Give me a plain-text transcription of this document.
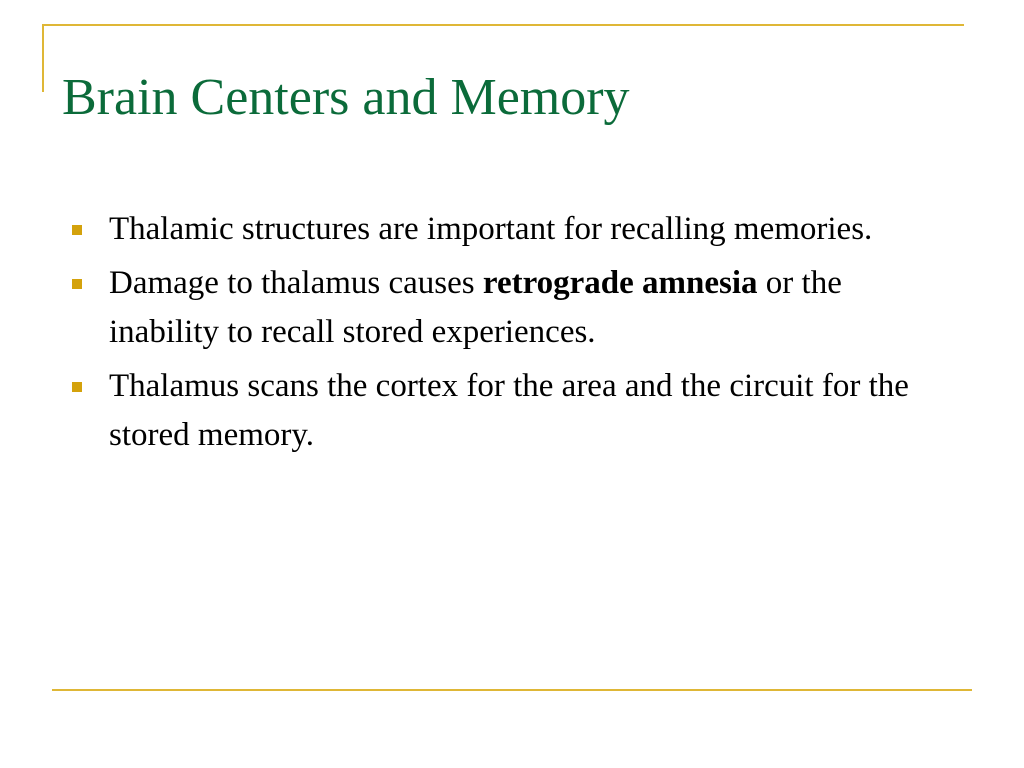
Brain Centers and Memory
Thalamic structures are important for recalling memories.
Damage to thalamus causes retrograde amnesia or the inability to recall stored experiences.
Thalamus scans the cortex for the area and the circuit for the stored memory.
